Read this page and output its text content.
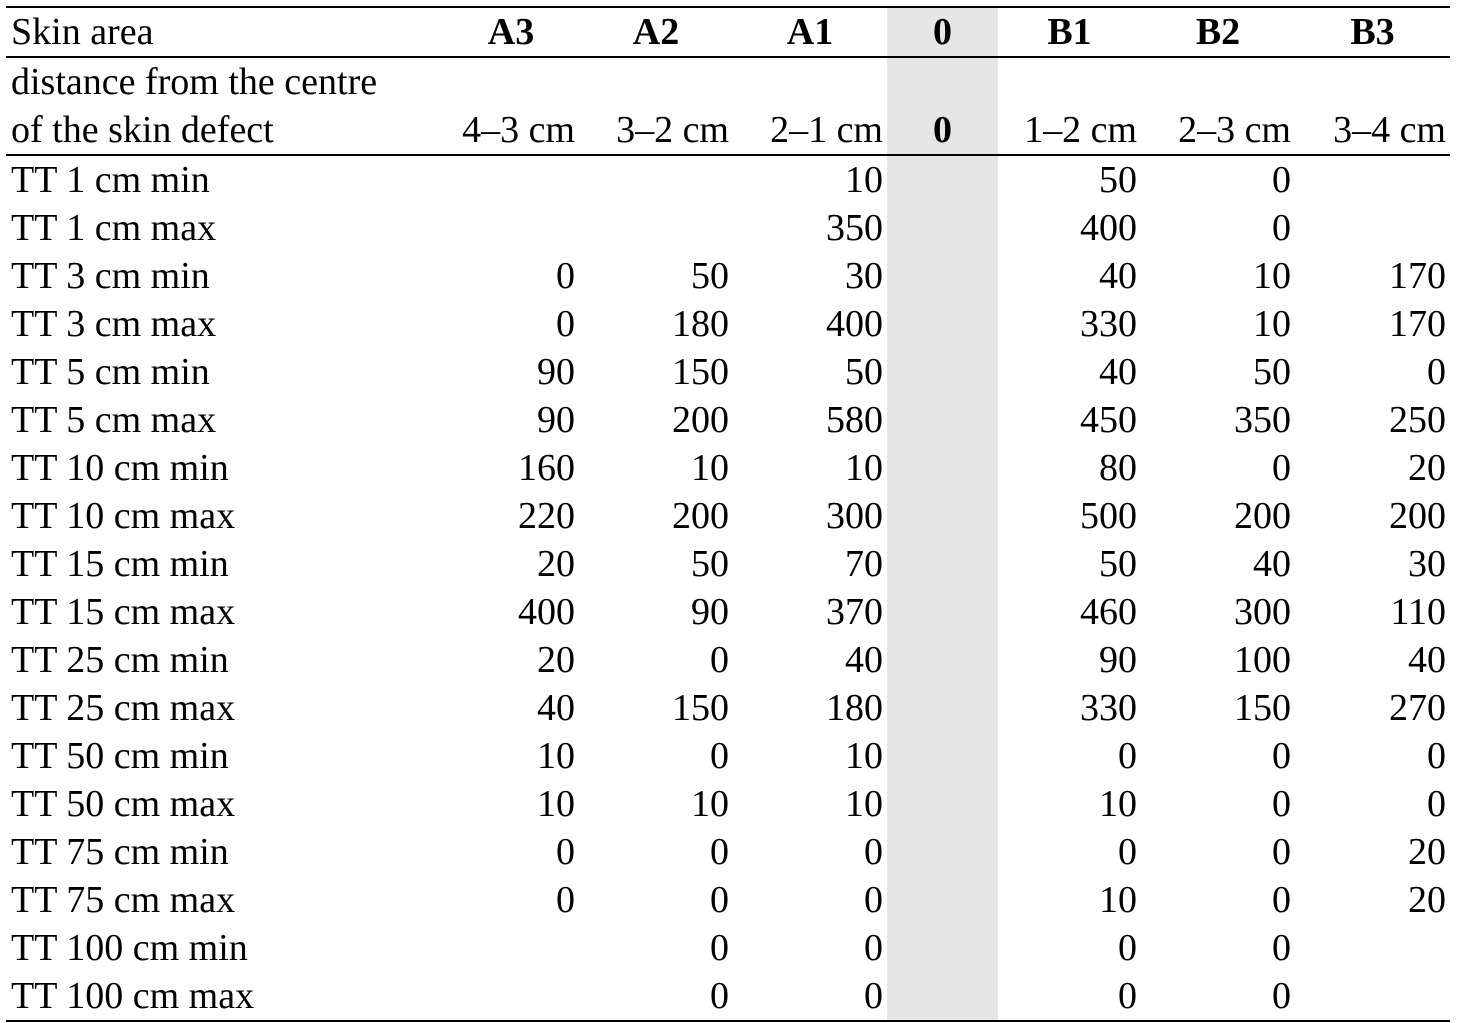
Skin area	A3	A2	A1	0	B1	B2	B3
distance from the centre							
of the skin defect	4–3 cm	3–2 cm	2–1 cm	0	1–2 cm	2–3 cm	3–4 cm
TT 1 cm min			10		50	0	
TT 1 cm max			350		400	0	
TT 3 cm min	0	50	30		40	10	170
TT 3 cm max	0	180	400		330	10	170
TT 5 cm min	90	150	50		40	50	0
TT 5 cm max	90	200	580		450	350	250
TT 10 cm min	160	10	10		80	0	20
TT 10 cm max	220	200	300		500	200	200
TT 15 cm min	20	50	70		50	40	30
TT 15 cm max	400	90	370		460	300	110
TT 25 cm min	20	0	40		90	100	40
TT 25 cm max	40	150	180		330	150	270
TT 50 cm min	10	0	10		0	0	0
TT 50 cm max	10	10	10		10	0	0
TT 75 cm min	0	0	0		0	0	20
TT 75 cm max	0	0	0		10	0	20
TT 100 cm min		0	0		0	0	
TT 100 cm max		0	0		0	0	
